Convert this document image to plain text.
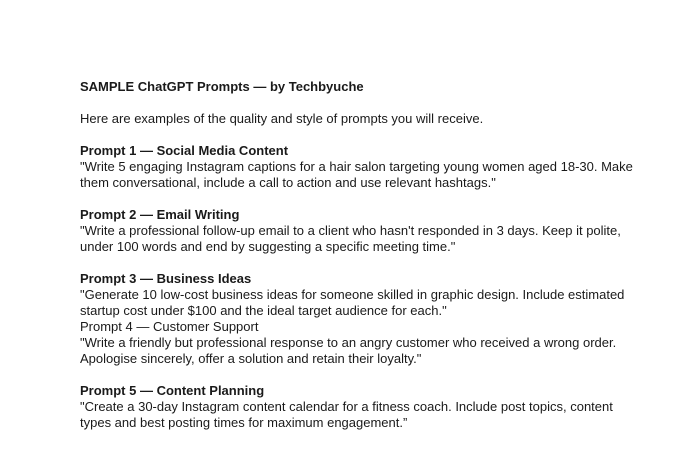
SAMPLE ChatGPT Prompts — by Techbyuche

Here are examples of the quality and style of prompts you will receive.

Prompt 1 — Social Media Content

"Write 5 engaging Instagram captions for a hair salon targeting young women aged 18-30. Make

them conversational, include a call to action and use relevant hashtags."

Prompt 2 — Email Writing

"Write a professional follow-up email to a client who hasn't responded in 3 days. Keep it polite,

under 100 words and end by suggesting a specific meeting time."

Prompt 3 — Business Ideas

"Generate 10 low-cost business ideas for someone skilled in graphic design. Include estimated

startup cost under $100 and the ideal target audience for each."

Prompt 4 — Customer Support

"Write a friendly but professional response to an angry customer who received a wrong order.

Apologise sincerely, offer a solution and retain their loyalty."

Prompt 5 — Content Planning

"Create a 30-day Instagram content calendar for a fitness coach. Include post topics, content

types and best posting times for maximum engagement.”
